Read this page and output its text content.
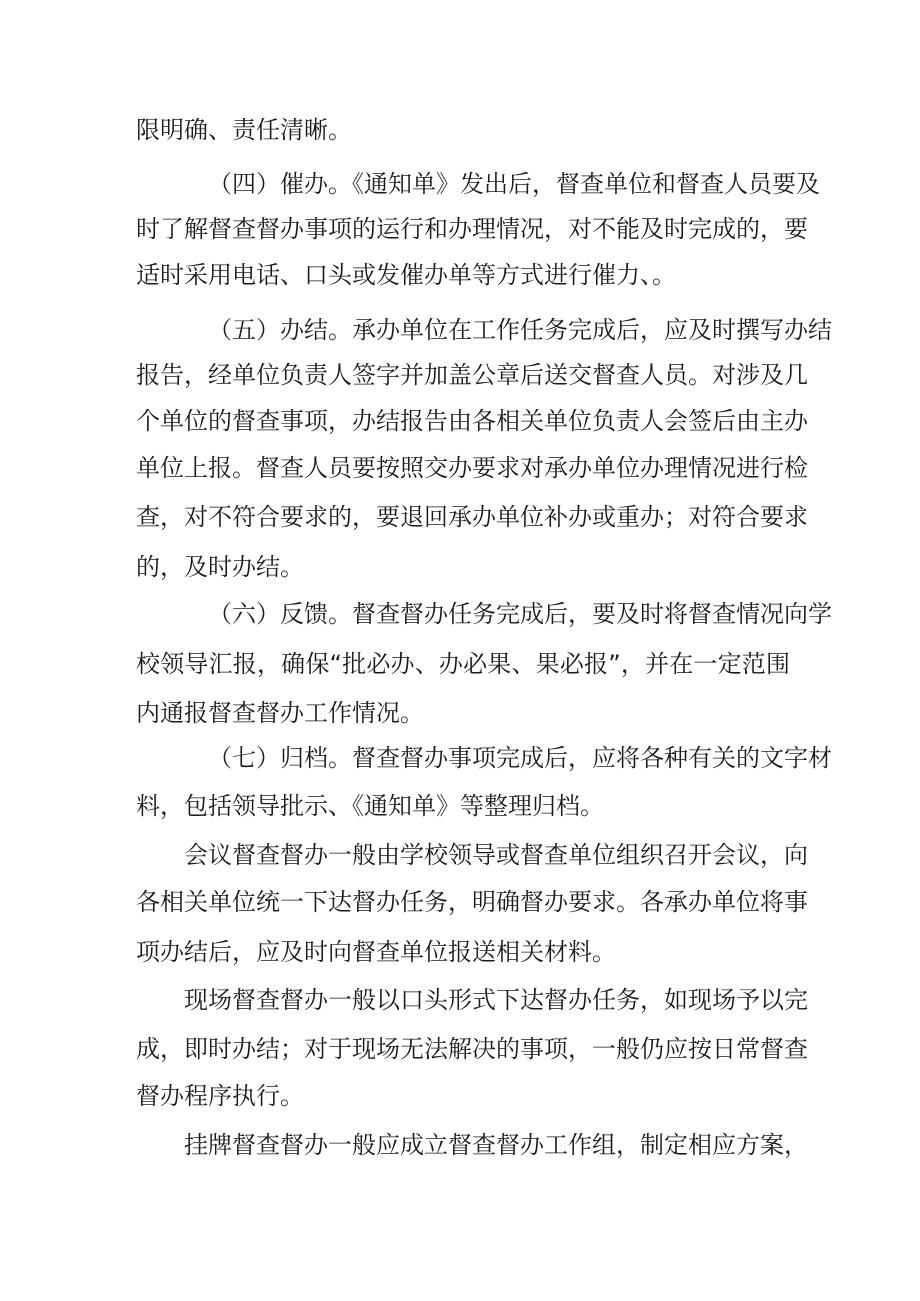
限明确、责任清晰。
（四）催办。《通知单》发出后，督查单位和督查人员要及
时了解督查督办事项的运行和办理情况，对不能及时完成的，要
适时采用电话、口头或发催办单等方式进行催力、。
（五）办结。承办单位在工作任务完成后，应及时撰写办结
报告，经单位负责人签字并加盖公章后送交督查人员。对涉及几
个单位的督查事项，办结报告由各相关单位负责人会签后由主办
单位上报。督查人员要按照交办要求对承办单位办理情况进行检
查，对不符合要求的，要退回承办单位补办或重办；对符合要求
的，及时办结。
（六）反馈。督查督办任务完成后，要及时将督查情况向学
校领导汇报，确保“批必办、办必果、果必报”，并在一定范围
内通报督查督办工作情况。
（七）归档。督查督办事项完成后，应将各种有关的文字材
料，包括领导批示、《通知单》等整理归档。
会议督查督办一般由学校领导或督查单位组织召开会议，向
各相关单位统一下达督办任务，明确督办要求。各承办单位将事
项办结后，应及时向督查单位报送相关材料。
现场督查督办一般以口头形式下达督办任务，如现场予以完
成，即时办结；对于现场无法解决的事项，一般仍应按日常督查
督办程序执行。
挂牌督查督办一般应成立督查督办工作组，制定相应方案，
